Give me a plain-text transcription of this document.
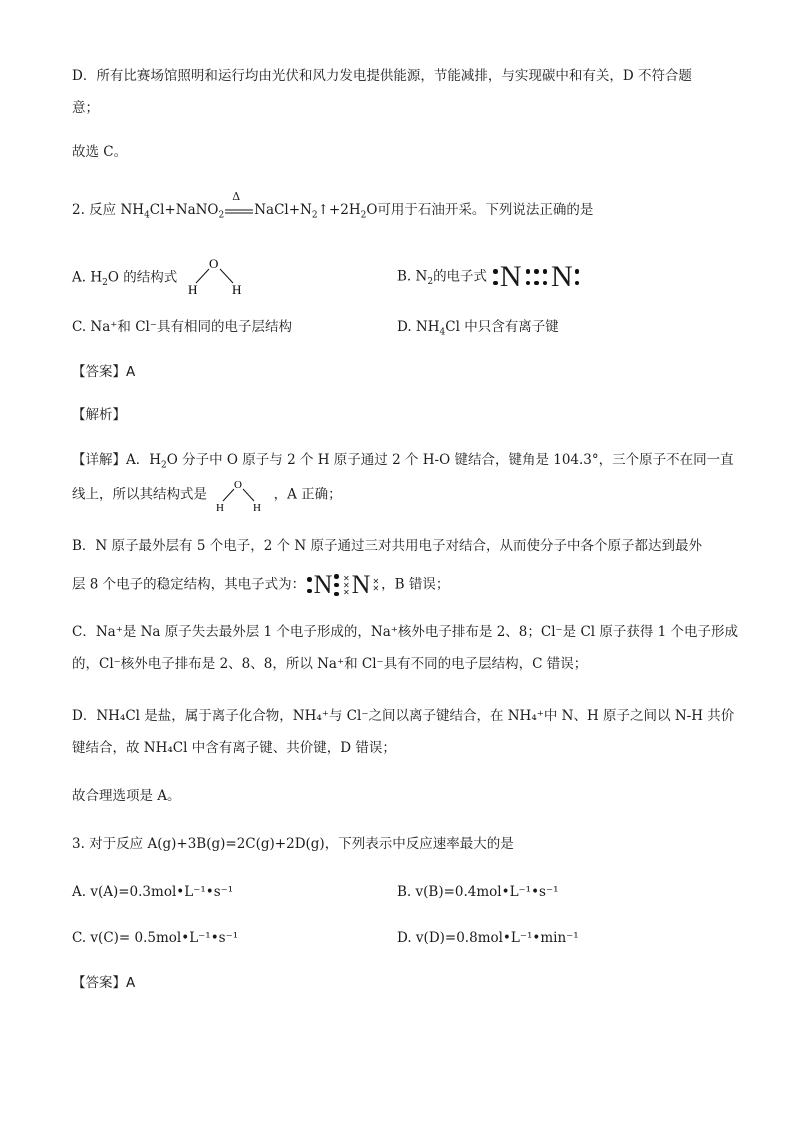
D．所有比赛场馆照明和运行均由光伏和风力发电提供能源，节能减排，与实现碳中和有关，D 不符合题
意；
故选 C。
2. 反应 $NH_4Cl+NaNO_2$
Δ
$NaCl+N_2↑+2H_2O$可用于石油开采。下列说法正确的是
A. $H_2O$ 的结构式
O
H	H
B. $N_2$的电子式 N N
C. Na⁺和 Cl⁻具有相同的电子层结构	D. $NH_4Cl$ 中只含有离子键
【答案】A
【解析】
【详解】A．$H_2O$ 分子中 O 原子与 2 个 H 原子通过 2 个 H-O 键结合，键角是 104.3°，三个原子不在同一直
线上，所以其结构式是
O
H	H
，A 正确；
B．N 原子最外层有 5 个电子，2 个 N 原子通过三对共用电子对结合，从而使分子中各个原子都达到最外
层 8 个电子的稳定结构，其电子式为： N ✕
✕
✕ N ✕
✕ ，B 错误；
C．Na⁺是 Na 原子失去最外层 1 个电子形成的，Na⁺核外电子排布是 2、8；Cl⁻是 Cl 原子获得 1 个电子形成
的，Cl⁻核外电子排布是 2、8、8，所以 Na⁺和 Cl⁻具有不同的电子层结构，C 错误；
D．NH₄Cl 是盐，属于离子化合物，NH₄⁺与 Cl⁻之间以离子键结合，在 NH₄⁺中 N、H 原子之间以 N-H 共价
键结合，故 NH₄Cl 中含有离子键、共价键，D 错误；
故合理选项是 A。
3. 对于反应 A(g)+3B(g)=2C(g)+2D(g)，下列表示中反应速率最大的是
A. v(A)=0.3mol•L⁻¹•s⁻¹	B. v(B)=0.4mol•L⁻¹•s⁻¹
C. v(C)= 0.5mol•L⁻¹•s⁻¹	D. v(D)=0.8mol•L⁻¹•min⁻¹
【答案】A
